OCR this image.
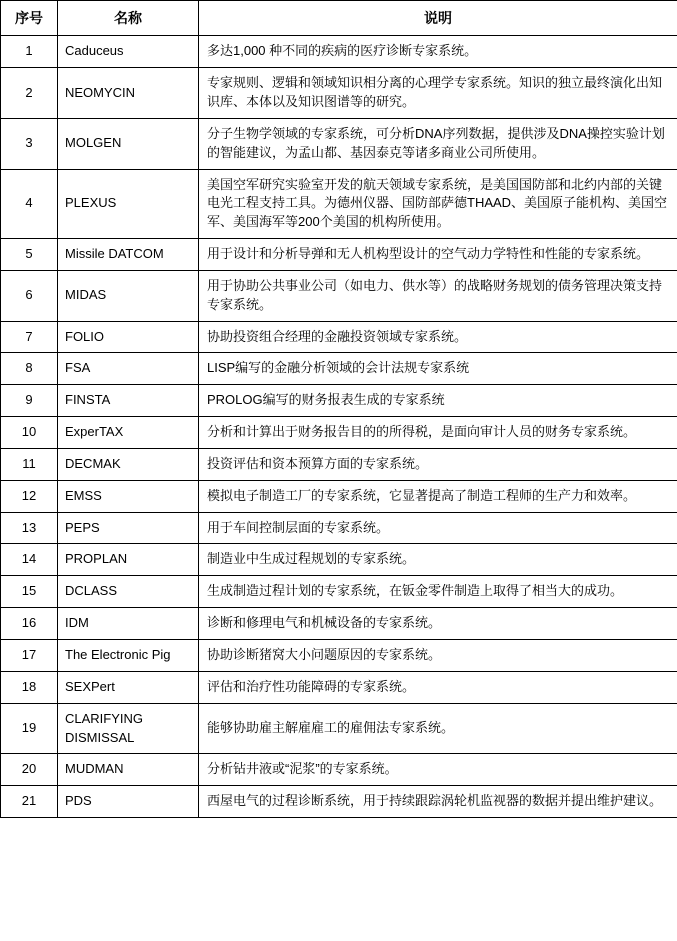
序号	名称	说明
1	Caduceus	多达1,000 种不同的疾病的医疗诊断专家系统。
2	NEOMYCIN	专家规则、逻辑和领域知识相分离的心理学专家系统。知识的独立最终演化出知识库、本体以及知识图谱等的研究。
3	MOLGEN	分子生物学领域的专家系统，可分析DNA序列数据，提供涉及DNA操控实验计划的智能建议，为孟山都、基因泰克等诸多商业公司所使用。
4	PLEXUS	美国空军研究实验室开发的航天领域专家系统，是美国国防部和北约内部的关键电光工程支持工具。为德州仪器、国防部萨德THAAD、美国原子能机构、美国空军、美国海军等200个美国的机构所使用。
5	Missile DATCOM	用于设计和分析导弹和无人机构型设计的空气动力学特性和性能的专家系统。
6	MIDAS	用于协助公共事业公司（如电力、供水等）的战略财务规划的债务管理决策支持专家系统。
7	FOLIO	协助投资组合经理的金融投资领域专家系统。
8	FSA	LISP编写的金融分析领域的会计法规专家系统
9	FINSTA	PROLOG编写的财务报表生成的专家系统
10	ExperTAX	分析和计算出于财务报告目的的所得税，是面向审计人员的财务专家系统。
11	DECMAK	投资评估和资本预算方面的专家系统。
12	EMSS	模拟电子制造工厂的专家系统，它显著提高了制造工程师的生产力和效率。
13	PEPS	用于车间控制层面的专家系统。
14	PROPLAN	制造业中生成过程规划的专家系统。
15	DCLASS	生成制造过程计划的专家系统，在钣金零件制造上取得了相当大的成功。
16	IDM	诊断和修理电气和机械设备的专家系统。
17	The Electronic Pig	协助诊断猪窝大小问题原因的专家系统。
18	SEXPert	评估和治疗性功能障碍的专家系统。
19	CLARIFYING DISMISSAL	能够协助雇主解雇雇工的雇佣法专家系统。
20	MUDMAN	分析钻井液或“泥浆”的专家系统。
21	PDS	西屋电气的过程诊断系统，用于持续跟踪涡轮机监视器的数据并提出维护建议。
